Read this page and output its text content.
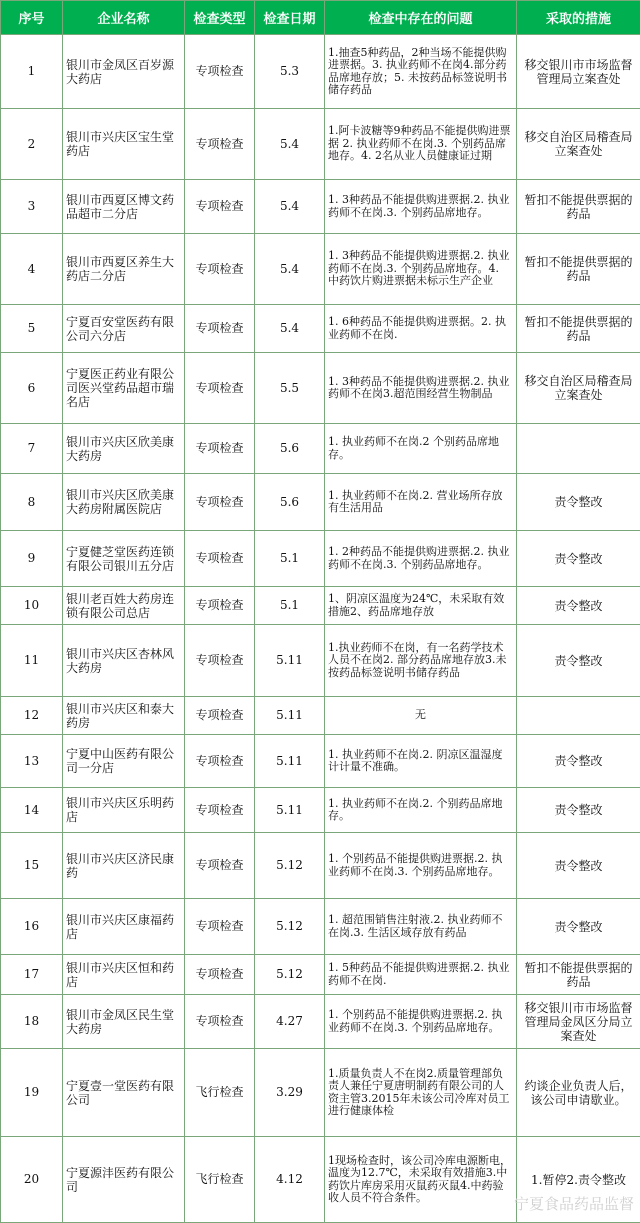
序号	企业名称	检查类型	检查日期	检查中存在的问题	采取的措施
1	银川市金凤区百岁源大药店	专项检查	5.3	1.抽查5种药品，2种当场不能提供购进票据。3. 执业药师不在岗4.部分药品席地存放；5. 未按药品标签说明书储存药品	移交银川市市场监督管理局立案查处
2	银川市兴庆区宝生堂药店	专项检查	5.4	1.阿卡波糖等9种药品不能提供购进票据 2. 执业药师不在岗.3. 个别药品席地存。4. 2名从业人员健康证过期	移交自治区局稽查局立案查处
3	银川市西夏区博文药品超市二分店	专项检查	5.4	1. 3种药品不能提供购进票据.2. 执业药师不在岗.3. 个别药品席地存。	暂扣不能提供票据的药品
4	银川市西夏区养生大药店二分店	专项检查	5.4	1. 3种药品不能提供购进票据.2. 执业药师不在岗.3. 个别药品席地存。4. 中药饮片购进票据未标示生产企业	暂扣不能提供票据的药品
5	宁夏百安堂医药有限公司六分店	专项检查	5.4	1. 6种药品不能提供购进票据。2. 执业药师不在岗.	暂扣不能提供票据的药品
6	宁夏医正药业有限公司医兴堂药品超市瑞名店	专项检查	5.5	1. 3种药品不能提供购进票据.2. 执业药师不在岗3.超范围经营生物制品	移交自治区局稽查局立案查处
7	银川市兴庆区欣美康大药房	专项检查	5.6	1. 执业药师不在岗.2 个别药品席地存。	
8	银川市兴庆区欣美康大药房附属医院店	专项检查	5.6	1. 执业药师不在岗.2. 营业场所存放有生活用品	责令整改
9	宁夏健芝堂医药连锁有限公司银川五分店	专项检查	5.1	1. 2种药品不能提供购进票据.2. 执业药师不在岗.3. 个别药品席地存。	责令整改
10	银川老百姓大药房连锁有限公司总店	专项检查	5.1	1、阴凉区温度为24℃，未采取有效措施2、药品席地存放	责令整改
11	银川市兴庆区杏林风大药房	专项检查	5.11	1.执业药师不在岗，有一名药学技术人员不在岗2. 部分药品席地存放3.未按药品标签说明书储存药品	责令整改
12	银川市兴庆区和泰大药房	专项检查	5.11	无	
13	宁夏中山医药有限公司一分店	专项检查	5.11	1. 执业药师不在岗.2. 阴凉区温湿度计计量不准确。	责令整改
14	银川市兴庆区乐明药店	专项检查	5.11	1. 执业药师不在岗.2. 个别药品席地存。	责令整改
15	银川市兴庆区济民康药	专项检查	5.12	1. 个别药品不能提供购进票据.2. 执业药师不在岗.3. 个别药品席地存。	责令整改
16	银川市兴庆区康福药店	专项检查	5.12	1. 超范围销售注射液.2. 执业药师不在岗.3. 生活区域存放有药品	责令整改
17	银川市兴庆区恒和药店	专项检查	5.12	1. 5种药品不能提供购进票据.2. 执业药师不在岗.	暂扣不能提供票据的药品
18	银川市金凤区民生堂大药房	专项检查	4.27	1. 个别药品不能提供购进票据.2. 执业药师不在岗.3. 个别药品席地存。	移交银川市市场监督管理局金凤区分局立案查处
19	宁夏壹一堂医药有限公司	飞行检查	3.29	1.质量负责人不在岗2.质量管理部负责人兼任宁夏唐明制药有限公司的人资主管3.2015年未该公司冷库对员工进行健康体检	约谈企业负责人后，该公司申请歇业。
20	宁夏源沣医药有限公司	飞行检查	4.12	1现场检查时，该公司冷库电源断电，温度为12.7℃，未采取有效措施3.中药饮片库房采用灭鼠药灭鼠4.中药验收人员不符合条件。	1.暂停2.责令整改
宁夏食品药品监督
